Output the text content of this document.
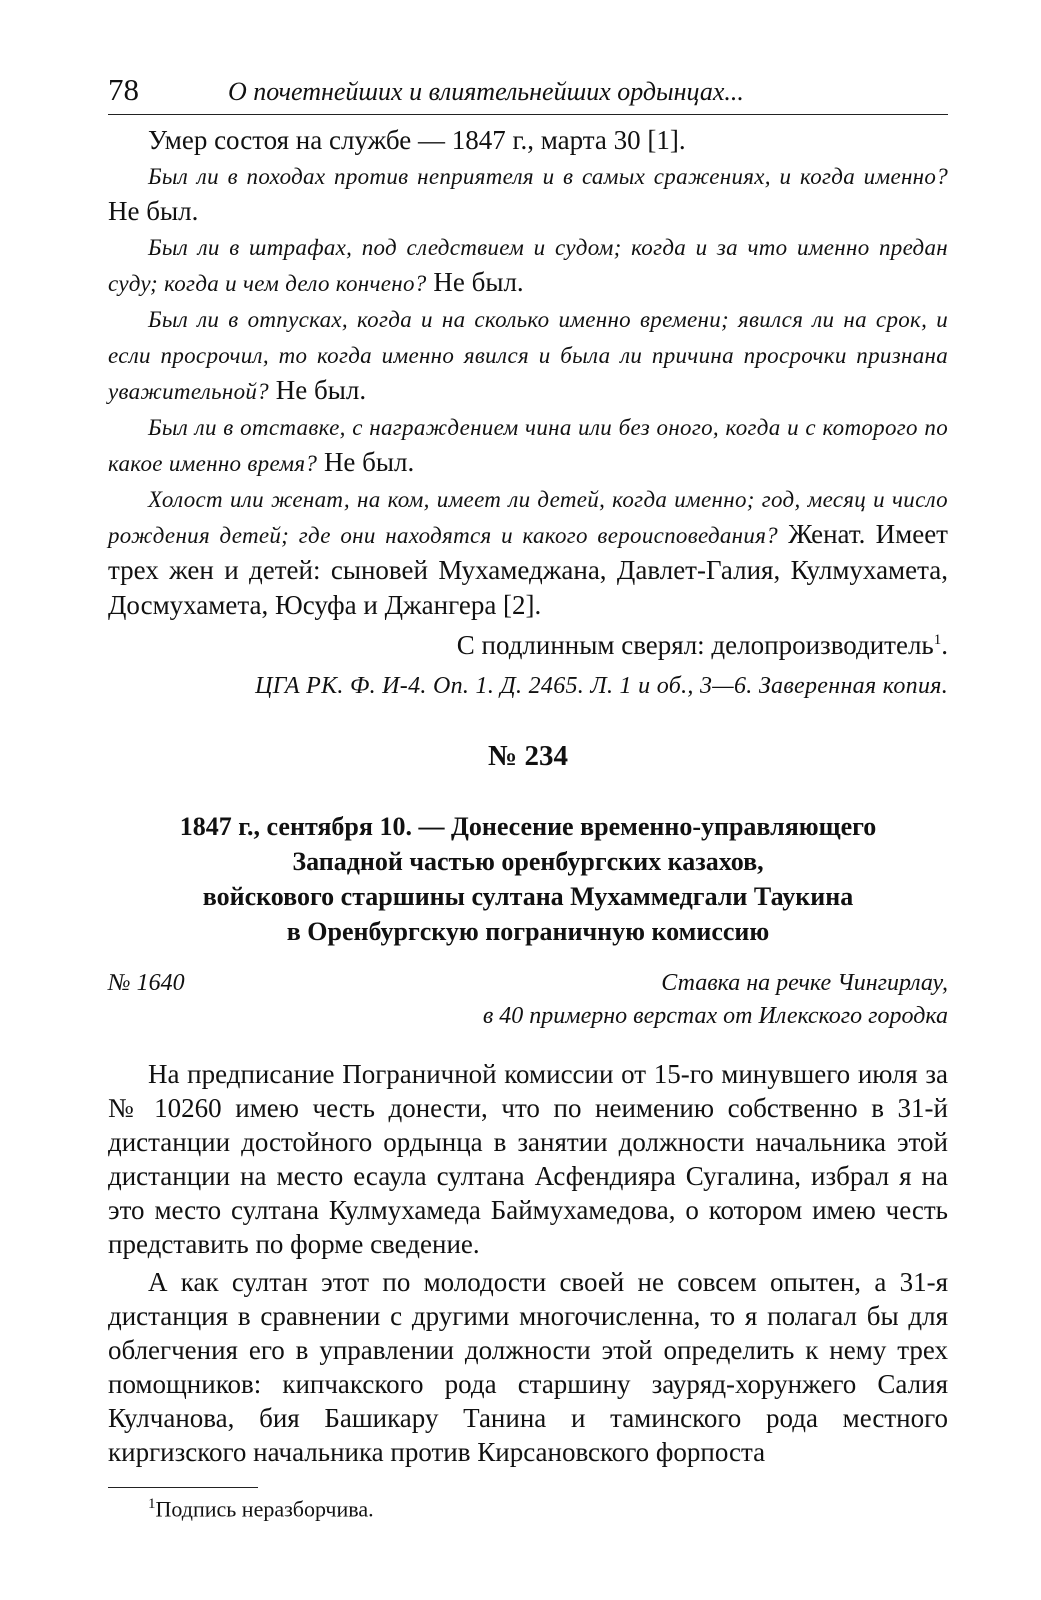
78	О почетнейших и влиятельнейших ордынцах...

Умер состоя на службе — 1847 г., марта 30 [1].

Был ли в походах против неприятеля и в самых сражениях, и когда именно? Не был.

Был ли в штрафах, под следствием и судом; когда и за что именно предан суду; когда и чем дело кончено? Не был.

Был ли в отпусках, когда и на сколько именно времени; явился ли на срок, и если просрочил, то когда именно явился и была ли причина просрочки признана уважительной? Не был.

Был ли в отставке, с награждением чина или без оного, когда и с которого по какое именно время? Не был.

Холост или женат, на ком, имеет ли детей, когда именно; год, месяц и число рождения детей; где они находятся и какого вероисповедания? Женат. Имеет трех жен и детей: сыновей Мухамеджана, Давлет-Галия, Кулмухамета, Досмухамета, Юсуфа и Джангера [2].

С подлинным сверял: делопроизводитель$^1$.

ЦГА РК. Ф. И-4. Оп. 1. Д. 2465. Л. 1 и об., 3—6. Заверенная копия.

№ 234

1847 г., сентября 10. — Донесение временно-управляющего
Западной частью оренбургских казахов,
войскового старшины султана Мухаммедгали Таукина
в Оренбургскую пограничную комиссию
№ 1640	Ставка на речке Чингирлау,
в 40 примерно верстах от Илекского городка

На предписание Пограничной комиссии от 15-го минувшего июля за № 10260 имею честь донести, что по неимению собственно в 31-й дистанции достойного ордынца в занятии должности начальника этой дистанции на место есаула султана Асфендияра Сугалина, избрал я на это место султана Кулмухамеда Баймухамедова, о котором имею честь представить по форме сведение.

А как султан этот по молодости своей не совсем опытен, а 31-я дистанция в сравнении с другими многочисленна, то я полагал бы для облегчения его в управлении должности этой определить к нему трех помощников: кипчакского рода старшину зауряд-хорунжего Салия Кулчанова, бия Башикару Танина и таминского рода местного киргизского начальника против Кирсановского форпоста

$^1$Подпись неразборчива.
